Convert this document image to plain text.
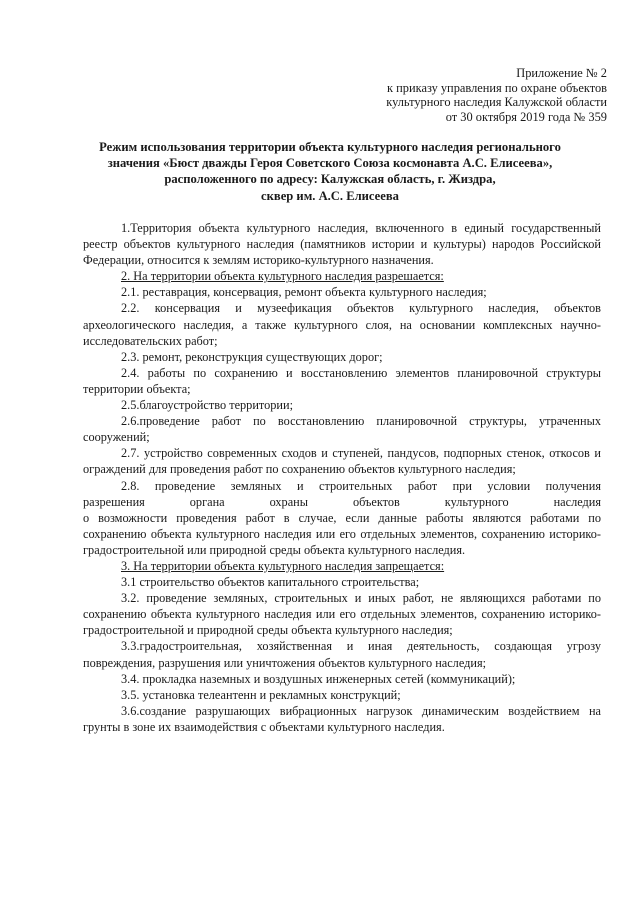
Приложение № 2
к приказу управления по охране объектов
культурного наследия Калужской области
от 30 октября 2019 года № 359
Режим использования территории объекта культурного наследия регионального
значения «Бюст дважды Героя Советского Союза космонавта А.С. Елисеева»,
расположенного по адресу: Калужская область, г. Жиздра,
сквер им. А.С. Елисеева

1.Территория объекта культурного наследия, включенного в единый государственный реестр объектов культурного наследия (памятников истории и культуры) народов Российской Федерации, относится к землям историко-культурного назначения.

2. На территории объекта культурного наследия разрешается:

2.1. реставрация, консервация, ремонт объекта культурного наследия;

2.2. консервация и музеефикация объектов культурного наследия, объектов археологического наследия, а также культурного слоя, на основании комплексных научно-исследовательских работ;

2.3. ремонт, реконструкция существующих дорог;

2.4. работы по сохранению и восстановлению элементов планировочной структуры территории объекта;

2.5.благоустройство территории;

2.6.проведение работ по восстановлению планировочной структуры, утраченных сооружений;

2.7. устройство современных сходов и ступеней, пандусов, подпорных стенок, откосов и ограждений для проведения работ по сохранению объектов культурного наследия;

2.8. проведение земляных и строительных работ при условии получения

разрешения органа охраны объектов культурного наследия

о возможности проведения работ в случае, если данные работы являются работами по сохранению объекта культурного наследия или его отдельных элементов, сохранению историко-градостроительной или природной среды объекта культурного наследия.

3. На территории объекта культурного наследия запрещается:

3.1 строительство объектов капитального строительства;

3.2. проведение земляных, строительных и иных работ, не являющихся работами по сохранению объекта культурного наследия или его отдельных элементов, сохранению историко-градостроительной и природной среды объекта культурного наследия;

3.3.градостроительная, хозяйственная и иная деятельность, создающая угрозу повреждения, разрушения или уничтожения объектов культурного наследия;

3.4. прокладка наземных и воздушных инженерных сетей (коммуникаций);

3.5. установка телеантенн и рекламных конструкций;

3.6.создание разрушающих вибрационных нагрузок динамическим воздействием на грунты в зоне их взаимодействия с объектами культурного наследия.
